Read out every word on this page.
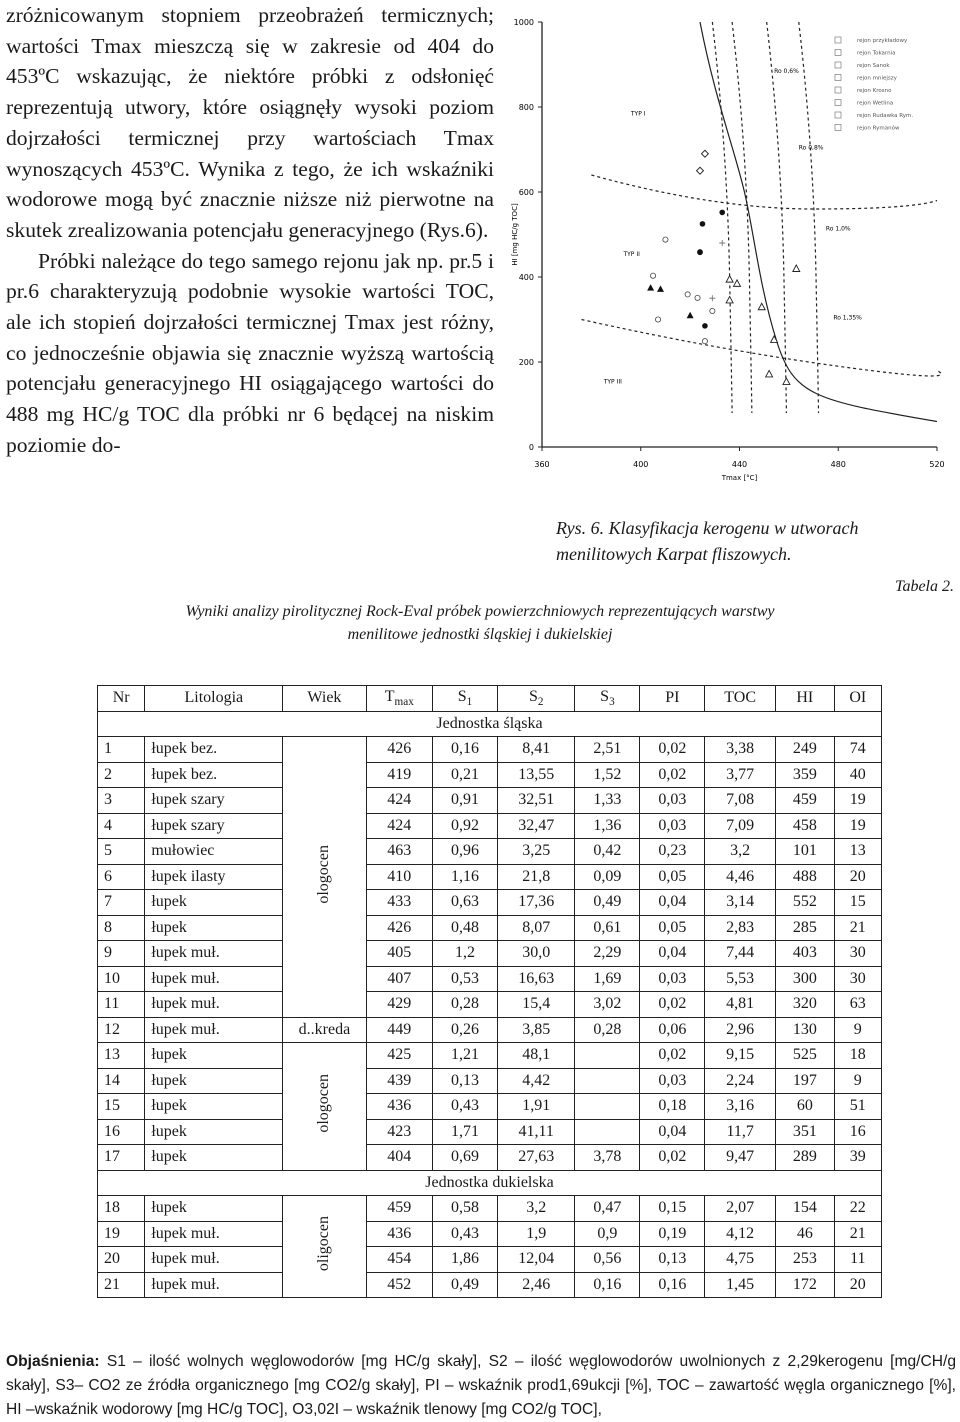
zróżnicowanym stopniem przeobrażeń termicznych; wartości Tmax mieszczą się w zakresie od 404 do 453ºC wskazując, że niektóre próbki z odsłonięć reprezentują utwory, które osiągnęły wysoki poziom dojrzałości termicznej przy wartościach Tmax wynoszących 453ºC. Wynika z tego, że ich wskaźniki wodorowe mogą być znacznie niższe niż pierwotne na skutek zrealizowania potencjału generacyjnego (Rys.6).

Próbki należące do tego samego rejonu jak np. pr.5 i pr.6 charakteryzują podobnie wysokie wartości TOC, ale ich stopień dojrzałości termicznej Tmax jest różny, co jednocześnie objawia się znacznie wyższą wartością potencjału generacyjnego HI osiągającego wartości do 488 mg HC/g TOC dla próbki nr 6 będącej na niskim poziomie do-	0
200
400
600
800
1000
360	400	440	480	520
Tmax [°C]
HI [mg HC/g TOC]
TYP I
TYP II
TYP III
Ro 0,6%
Ro 0,8%
Ro 1,0%
Ro 1,35%
rejon przykładowy
rejon Tokarnia
rejon Sanok
rejon mniejszy
rejon Krosno
rejon Wetlina
rejon Rudawka Rym.
rejon Rymanów
Rys. 6. Klasyfikacja kerogenu w utworach menilitowych Karpat fliszowych.
Tabela 2.
Wyniki analizy pirolitycznej Rock-Eval próbek powierzchniowych reprezentujących warstwy
menilitowe jednostki śląskiej i dukielskiej
Nr	Litologia	Wiek	$T_{max}$	$S_1$	$S_2$	$S_3$	PI	TOC	HI	OI
Jednostka śląska										
1	łupek bez.	ologocen	426	0,16	8,41	2,51	0,02	3,38	249	74
2	łupek bez.		419	0,21	13,55	1,52	0,02	3,77	359	40
3	łupek szary		424	0,91	32,51	1,33	0,03	7,08	459	19
4	łupek szary		424	0,92	32,47	1,36	0,03	7,09	458	19
5	mułowiec		463	0,96	3,25	0,42	0,23	3,2	101	13
6	łupek ilasty		410	1,16	21,8	0,09	0,05	4,46	488	20
7	łupek		433	0,63	17,36	0,49	0,04	3,14	552	15
8	łupek		426	0,48	8,07	0,61	0,05	2,83	285	21
9	łupek muł.		405	1,2	30,0	2,29	0,04	7,44	403	30
10	łupek muł.		407	0,53	16,63	1,69	0,03	5,53	300	30
11	łupek muł.		429	0,28	15,4	3,02	0,02	4,81	320	63
12	łupek muł.	d..kreda	449	0,26	3,85	0,28	0,06	2,96	130	9
13	łupek	ologocen	425	1,21	48,1		0,02	9,15	525	18
14	łupek		439	0,13	4,42		0,03	2,24	197	9
15	łupek		436	0,43	1,91		0,18	3,16	60	51
16	łupek		423	1,71	41,11		0,04	11,7	351	16
17	łupek		404	0,69	27,63	3,78	0,02	9,47	289	39
Jednostka dukielska										
18	łupek	oligocen	459	0,58	3,2	0,47	0,15	2,07	154	22
19	łupek muł.		436	0,43	1,9	0,9	0,19	4,12	46	21
20	łupek muł.		454	1,86	12,04	0,56	0,13	4,75	253	11
21	łupek muł.		452	0,49	2,46	0,16	0,16	1,45	172	20
Objaśnienia: S1 – ilość wolnych węglowodorów [mg HC/g skały], S2 – ilość węglowodorów uwolnionych z 2,29kerogenu [mg/CH/g skały], S3– CO2 ze źródła organicznego [mg CO2/g skały], PI – wskaźnik prod1,69ukcji [%], TOC – zawartość węgla organicznego [%], HI –wskaźnik wodorowy [mg HC/g TOC], O3,02I – wskaźnik tlenowy [mg CO2/g TOC],
